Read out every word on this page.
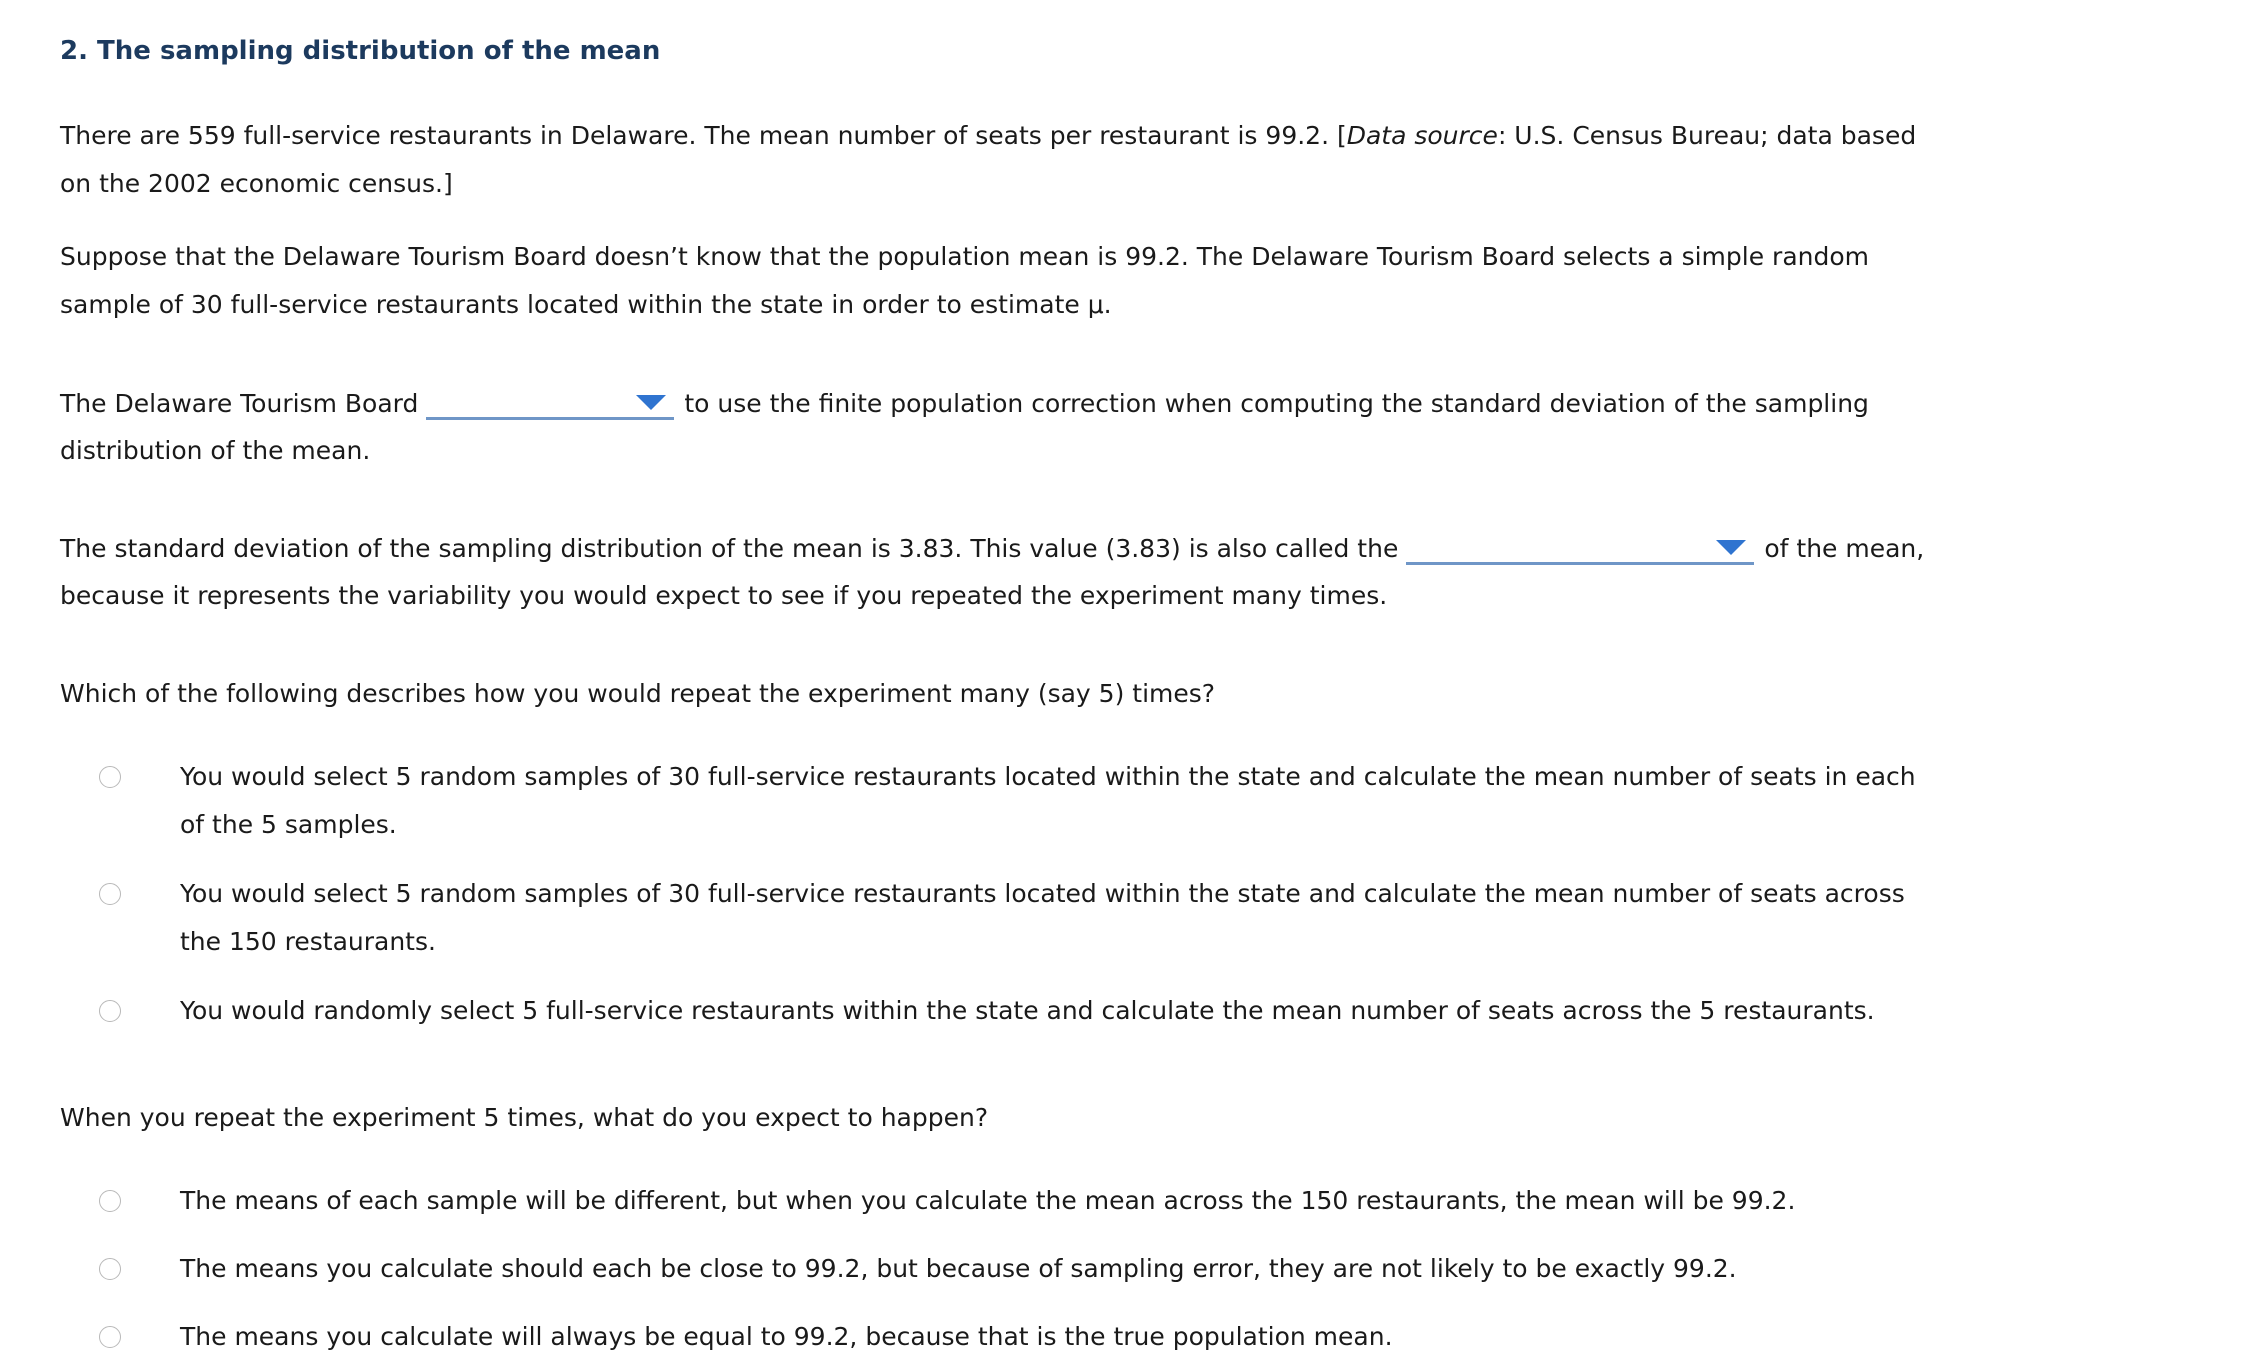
2. The sampling distribution of the mean
There are 559 full-service restaurants in Delaware. The mean number of seats per restaurant is 99.2. [Data source: U.S. Census Bureau; data based
on the 2002 economic census.]
Suppose that the Delaware Tourism Board doesn’t know that the population mean is 99.2. The Delaware Tourism Board selects a simple random
sample of 30 full-service restaurants located within the state in order to estimate μ.
The Delaware Tourism Board	to use the finite population correction when computing the standard deviation of the sampling
distribution of the mean.
The standard deviation of the sampling distribution of the mean is 3.83. This value (3.83) is also called the	of the mean,
because it represents the variability you would expect to see if you repeated the experiment many times.
Which of the following describes how you would repeat the experiment many (say 5) times?
You would select 5 random samples of 30 full-service restaurants located within the state and calculate the mean number of seats in each
of the 5 samples.
You would select 5 random samples of 30 full-service restaurants located within the state and calculate the mean number of seats across
the 150 restaurants.
You would randomly select 5 full-service restaurants within the state and calculate the mean number of seats across the 5 restaurants.
When you repeat the experiment 5 times, what do you expect to happen?
The means of each sample will be different, but when you calculate the mean across the 150 restaurants, the mean will be 99.2.
The means you calculate should each be close to 99.2, but because of sampling error, they are not likely to be exactly 99.2.
The means you calculate will always be equal to 99.2, because that is the true population mean.
